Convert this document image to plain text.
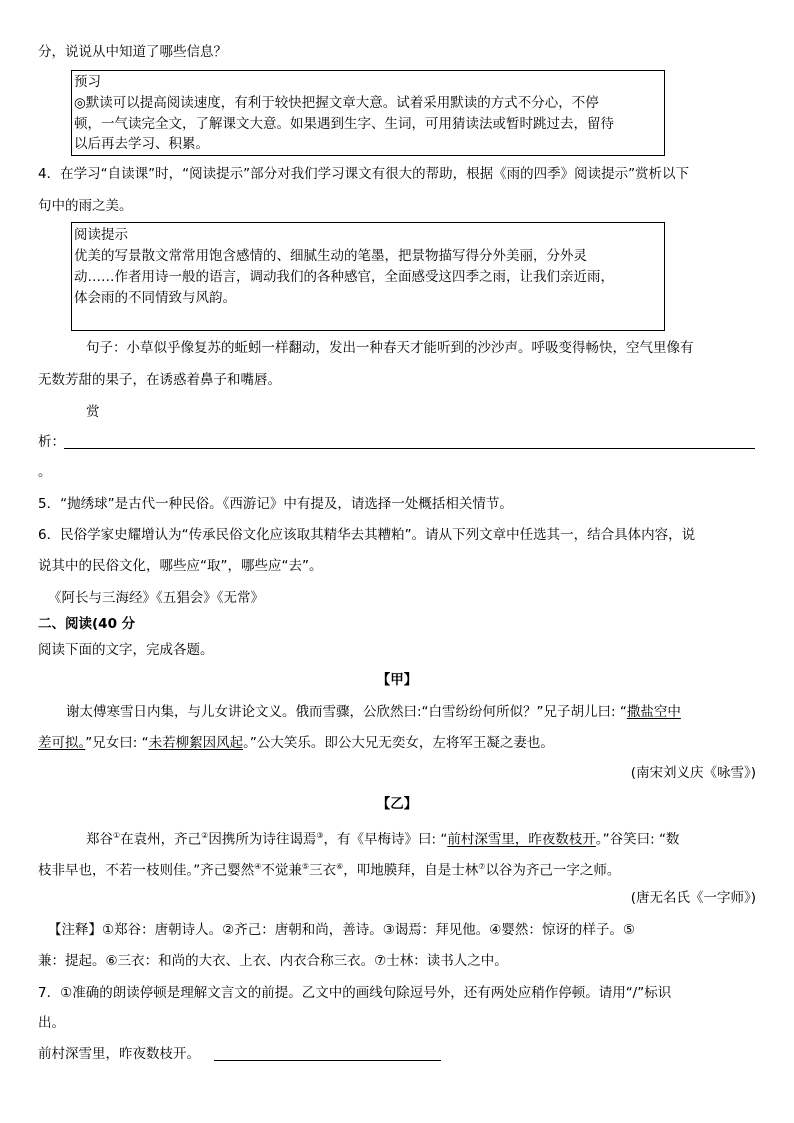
分，说说从中知道了哪些信息？
预习
◎默读可以提高阅读速度，有利于较快把握文章大意。试着采用默读的方式不分心，不停
顿，一气读完全文，了解课文大意。如果遇到生字、生词，可用猜读法或暂时跳过去，留待
以后再去学习、积累。
4．在学习“自读课”时，“阅读提示”部分对我们学习课文有很大的帮助，根据《雨的四季》阅读提示”赏析以下
句中的雨之美。
阅读提示
优美的写景散文常常用饱含感情的、细腻生动的笔墨，把景物描写得分外美丽，分外灵
动……作者用诗一般的语言，调动我们的各种感官，全面感受这四季之雨，让我们亲近雨，
体会雨的不同情致与风韵。
句子：小草似乎像复苏的蚯蚓一样翻动，发出一种春天才能听到的沙沙声。呼吸变得畅快，空气里像有
无数芳甜的果子，在诱惑着鼻子和嘴唇。
赏
析：
。
5．“抛绣球”是古代一种民俗。《西游记》中有提及，请选择一处概括相关情节。
6．民俗学家史耀增认为“传承民俗文化应该取其精华去其糟粕”。请从下列文章中任选其一，结合具体内容，说
说其中的民俗文化，哪些应“取”，哪些应“去”。
《阿长与三海经》《五猖会》《无常》
二、阅读(40 分
阅读下面的文字，完成各题。
【甲】
谢太傅寒雪日内集，与儿女讲论文义。俄而雪骤，公欣然曰:“白雪纷纷何所似？”兄子胡儿曰: “撒盐空中
差可拟。”兄女曰: “未若柳絮因风起。”公大笑乐。即公大兄无奕女，左将军王凝之妻也。
(南宋刘义庆《咏雪》)
【乙】
郑谷①在袁州，齐己②因携所为诗往谒焉③，有《早梅诗》曰: “前村深雪里，昨夜数枝开。”谷笑曰: “数
枝非早也，不若一枝则佳。”齐己婴然④不觉兼⑤三衣⑥，叩地膜拜，自是士林⑦以谷为齐己一字之师。
(唐无名氏《一字师》)
【注释】①郑谷：唐朝诗人。②齐己：唐朝和尚，善诗。③谒焉：拜见他。④婴然：惊讶的样子。⑤
兼：提起。⑥三衣：和尚的大衣、上衣、内衣合称三衣。⑦士林：读书人之中。
7．①准确的朗读停顿是理解文言文的前提。乙文中的画线句除逗号外，还有两处应稍作停顿。请用“/”标识
出。
前村深雪里，昨夜数枝开。
